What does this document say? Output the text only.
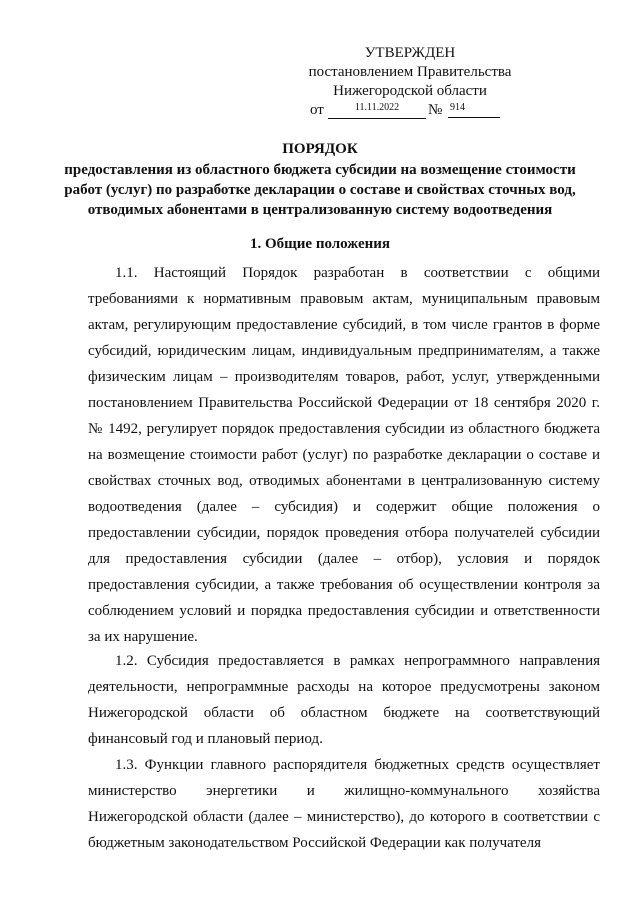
УТВЕРЖДЕН
постановлением Правительства
Нижегородской области
от	11.11.2022	№ 914
ПОРЯДОК
предоставления из областного бюджета субсидии на возмещение стоимости работ (услуг) по разработке декларации о составе и свойствах сточных вод, отводимых абонентами в централизованную систему водоотведения
1. Общие положения

1.1. Настоящий Порядок разработан в соответствии с общими требованиями к нормативным правовым актам, муниципальным правовым актам, регулирующим предоставление субсидий, в том числе грантов в форме субсидий, юридическим лицам, индивидуальным предпринимателям, а также физическим лицам – производителям товаров, работ, услуг, утвержденными постановлением Правительства Российской Федерации от 18 сентября 2020 г. № 1492, регулирует порядок предоставления субсидии из областного бюджета на возмещение стоимости работ (услуг) по разработке декларации о составе и свойствах сточных вод, отводимых абонентами в централизованную систему водоотведения (далее – субсидия) и содержит общие положения о предоставлении субсидии, порядок проведения отбора получателей субсидии для предоставления субсидии (далее – отбор), условия и порядок предоставления субсидии, а также требования об осуществлении контроля за соблюдением условий и порядка предоставления субсидии и ответственности за их нарушение.

1.2. Субсидия предоставляется в рамках непрограммного направления деятельности, непрограммные расходы на которое предусмотрены законом Нижегородской области об областном бюджете на соответствующий финансовый год и плановый период.

1.3. Функции главного распорядителя бюджетных средств осуществляет министерство энергетики и жилищно-коммунального хозяйства Нижегородской области (далее – министерство), до которого в соответствии с бюджетным законодательством Российской Федерации как получателя
